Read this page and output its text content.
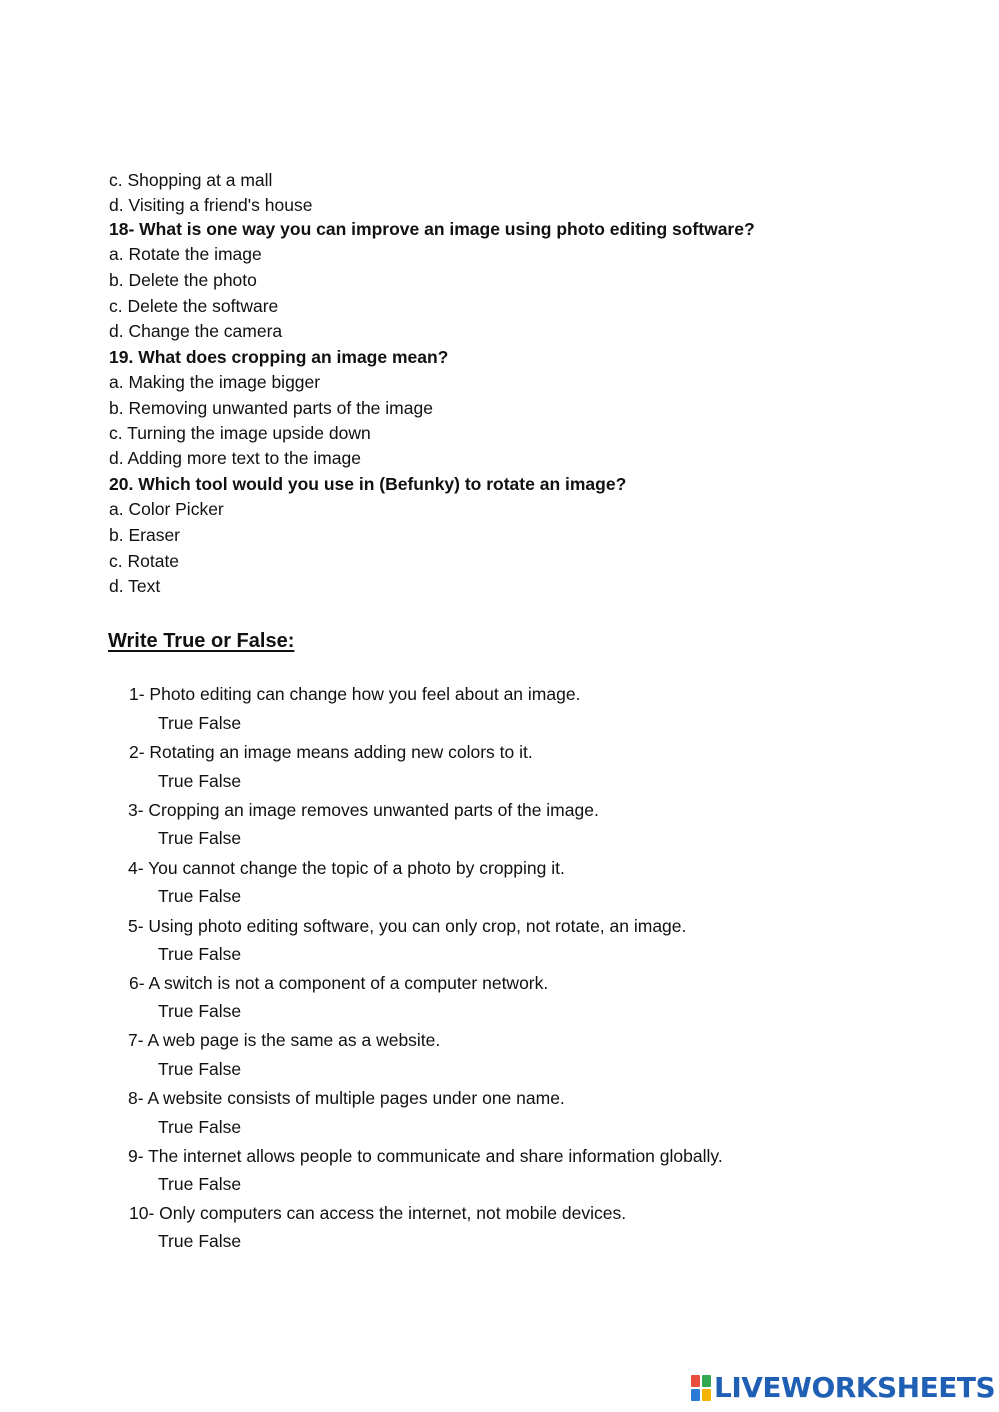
c. Shopping at a mall
d. Visiting a friend's house
18- What is one way you can improve an image using photo editing software?
a. Rotate the image
b. Delete the photo
c. Delete the software
d. Change the camera
19. What does cropping an image mean?
a. Making the image bigger
b. Removing unwanted parts of the image
c. Turning the image upside down
d. Adding more text to the image
20. Which tool would you use in (Befunky) to rotate an image?
a. Color Picker
b. Eraser
c. Rotate
d. Text
Write True or False:
1- Photo editing can change how you feel about an image.
True False
2- Rotating an image means adding new colors to it.
True False
3- Cropping an image removes unwanted parts of the image.
True False
4- You cannot change the topic of a photo by cropping it.
True False
5- Using photo editing software, you can only crop, not rotate, an image.
True False
6- A switch is not a component of a computer network.
True False
7- A web page is the same as a website.
True False
8- A website consists of multiple pages under one name.
True False
9- The internet allows people to communicate and share information globally.
True False
10- Only computers can access the internet, not mobile devices.
True False
LIVEWORKSHEETS
